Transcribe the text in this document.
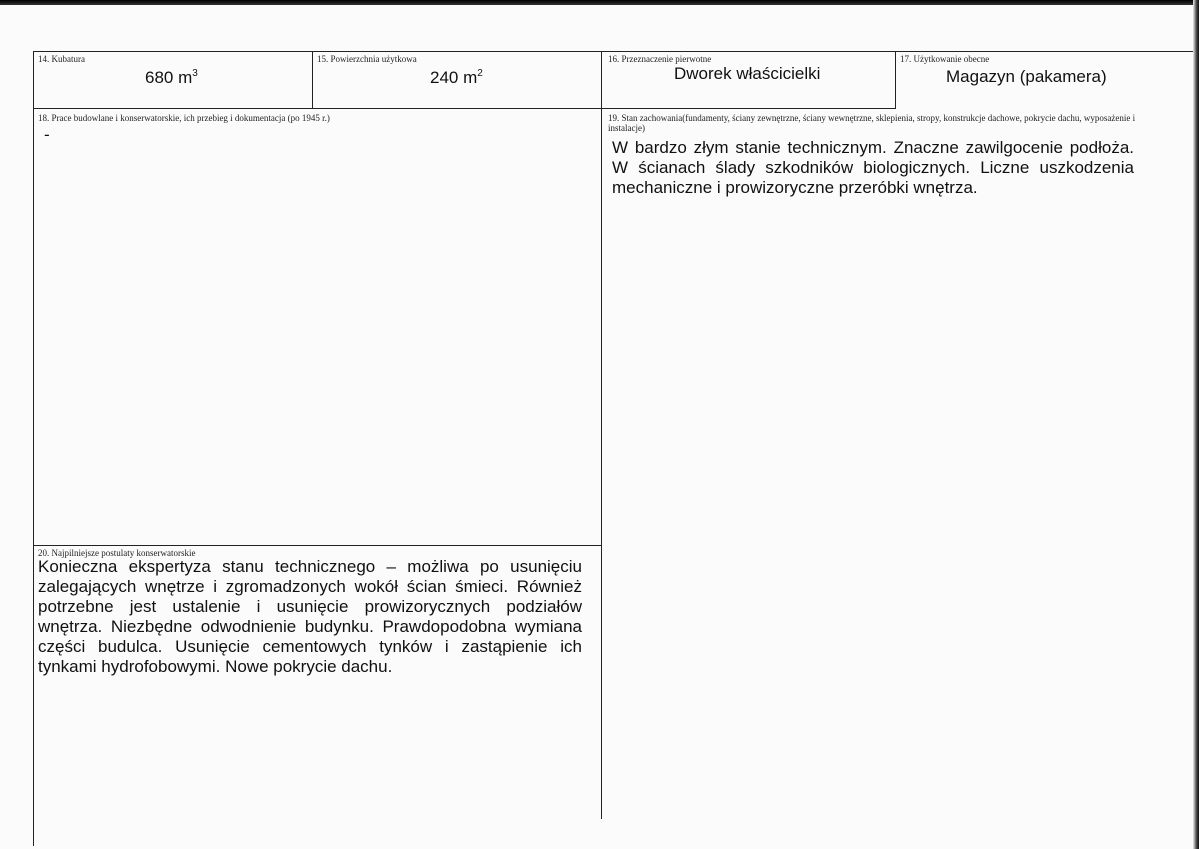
14. Kubatura
680 $m^3$
15. Powierzchnia użytkowa
240 $m^2$
16. Przeznaczenie pierwotne
Dworek właścicielki
17. Użytkowanie obecne
Magazyn (pakamera)
18. Prace budowlane i konserwatorskie, ich przebieg i dokumentacja (po 1945 r.)
-
19. Stan zachowania(fundamenty, ściany zewnętrzne, ściany wewnętrzne, sklepienia, stropy, konstrukcje dachowe, pokrycie dachu, wyposażenie i instalacje)
W bardzo złym stanie technicznym. Znaczne zawilgocenie podłoża. W ścianach ślady szkodników biologicznych. Liczne uszkodzenia mechaniczne i prowizoryczne przeróbki wnętrza.
20. Najpilniejsze postulaty konserwatorskie
Konieczna ekspertyza stanu technicznego – możliwa po usunięciu zalegających wnętrze i zgromadzonych wokół ścian śmieci. Również potrzebne jest ustalenie i usunięcie prowizorycznych podziałów wnętrza. Niezbędne odwodnienie budynku. Prawdopodobna wymiana części budulca. Usunięcie cementowych tynków i zastąpienie ich tynkami hydrofobowymi. Nowe pokrycie dachu.
